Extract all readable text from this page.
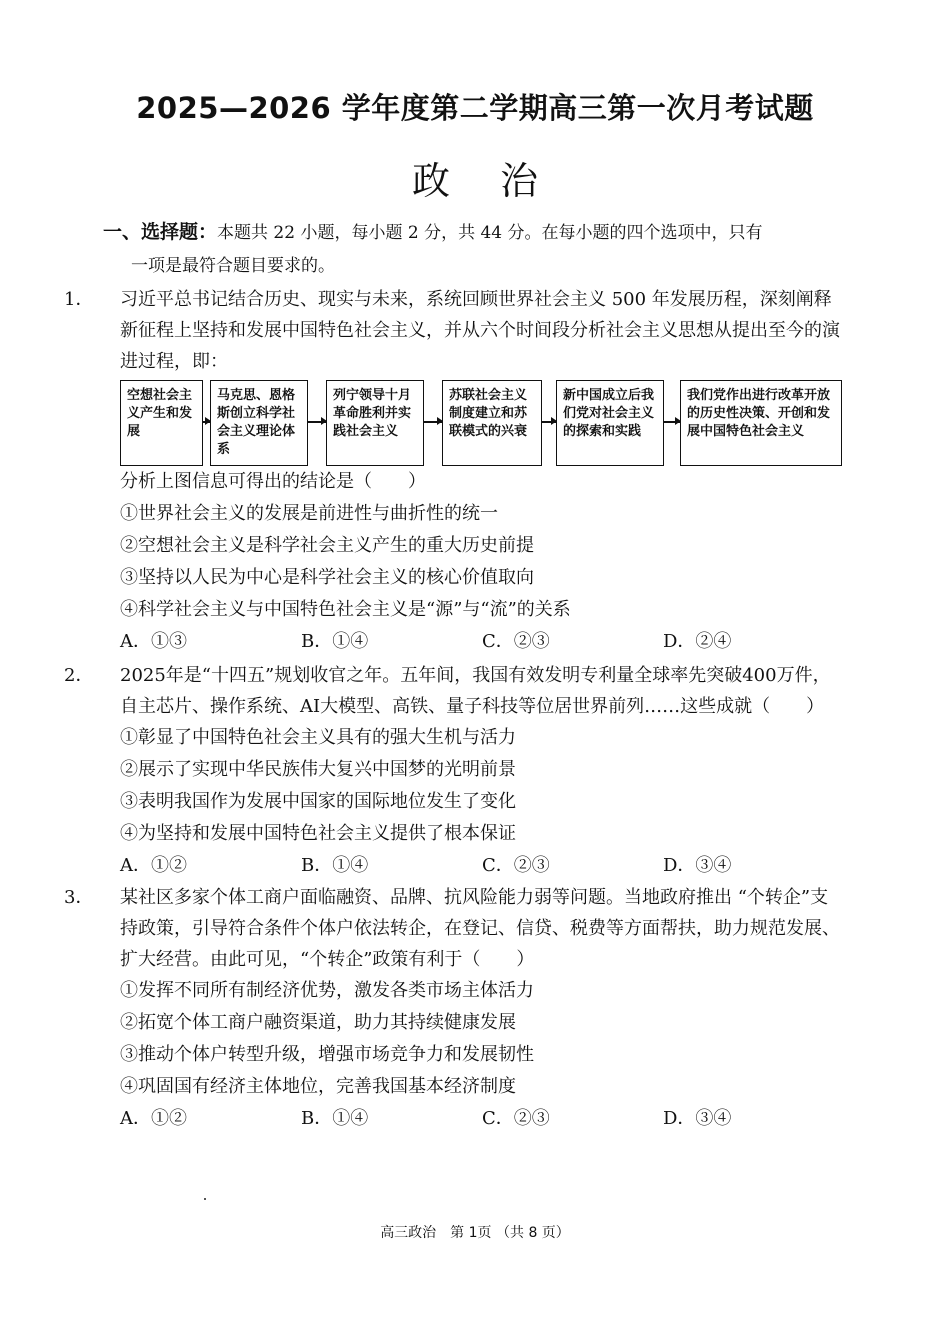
2025—2026 学年度第二学期高三第一次月考试题
政治
一、选择题：本题共 22 小题，每小题 2 分，共 44 分。在每小题的四个选项中，只有
一项是最符合题目要求的。
1． 习近平总书记结合历史、现实与未来，系统回顾世界社会主义 500 年发展历程，深刻阐释新征程上坚持和发展中国特色社会主义，并从六个时间段分析社会主义思想从提出至今的演进过程，即：
空想社会主义产生和发展
马克思、恩格斯创立科学社会主义理论体系
列宁领导十月革命胜利并实践社会主义
苏联社会主义制度建立和苏联模式的兴衰
新中国成立后我们党对社会主义的探索和实践
我们党作出进行改革开放的历史性决策、开创和发展中国特色社会主义
分析上图信息可得出的结论是（　　）
①世界社会主义的发展是前进性与曲折性的统一
②空想社会主义是科学社会主义产生的重大历史前提
③坚持以人民为中心是科学社会主义的核心价值取向
④科学社会主义与中国特色社会主义是“源”与“流”的关系
A．①③	B．①④	C．②③	D．②④
2． 2025年是“十四五”规划收官之年。五年间，我国有效发明专利量全球率先突破400万件，自主芯片、操作系统、AI大模型、高铁、量子科技等位居世界前列……这些成就（　　）
①彰显了中国特色社会主义具有的强大生机与活力
②展示了实现中华民族伟大复兴中国梦的光明前景
③表明我国作为发展中国家的国际地位发生了变化
④为坚持和发展中国特色社会主义提供了根本保证
A．①②	B．①④	C．②③	D．③④
3． 某社区多家个体工商户面临融资、品牌、抗风险能力弱等问题。当地政府推出 “个转企”支持政策，引导符合条件个体户依法转企，在登记、信贷、税费等方面帮扶，助力规范发展、扩大经营。由此可见，“个转企”政策有利于（　　）
①发挥不同所有制经济优势，激发各类市场主体活力
②拓宽个体工商户融资渠道，助力其持续健康发展
③推动个体户转型升级，增强市场竞争力和发展韧性
④巩固国有经济主体地位，完善我国基本经济制度
A．①②	B．①④	C．②③	D．③④
高三政治　第 1页 （共 8 页）
